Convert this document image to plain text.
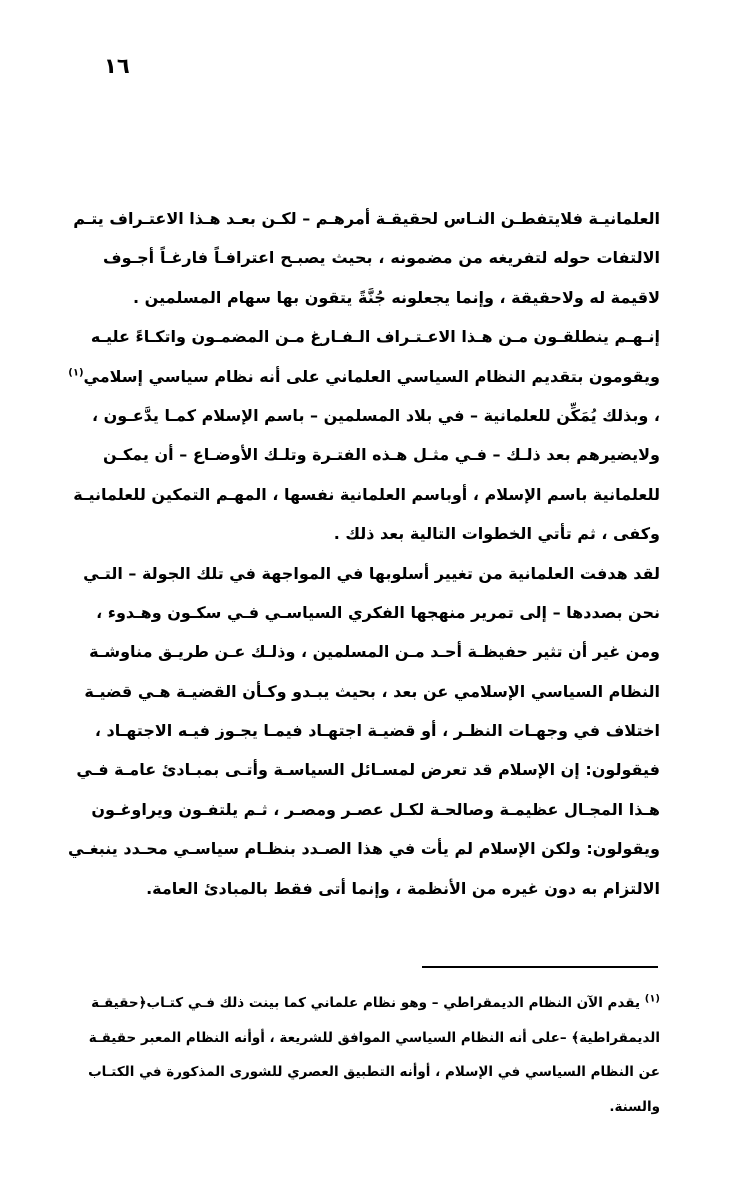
١٦
العلمانيـة فلايتفطـن النـاس لحقيقـة أمرهـم – لكـن بعـد هـذا الاعتـراف يتـم
الالتفات حوله لتفريغه من مضمونه ، بحيث يصبـح اعترافـاً فارغـاً أجـوف
لاقيمة له ولاحقيقة ، وإنما يجعلونه جُنَّةً يتقون بها سهام المسلمين .
إنـهـم ينطلقـون مـن هـذا الاعـتـراف الـفـارغ مـن المضمـون واتكـاءً عليـه
ويقومون بتقديم النظام السياسي العلماني على أنه نظام سياسي إسلامي$^{(١)}$
، وبذلك يُمَكِّن للعلمانية – في بلاد المسلمين – باسم الإسلام كمـا يدَّعـون ،
ولايضيرهم بعد ذلـك – فـي مثـل هـذه الفتـرة وتلـك الأوضـاع – أن يمكـن
للعلمانية باسم الإسلام ، أوباسم العلمانية نفسها ، المهـم التمكين للعلمانيـة
وكفى ، ثم تأتي الخطوات التالية بعد ذلك .
لقد هدفت العلمانية من تغيير أسلوبها في المواجهة في تلك الجولة – التـي
نحن بصددها – إلى تمرير منهجها الفكري السياسـي فـي سكـون وهـدوء ،
ومن غير أن تثير حفيظـة أحـد مـن المسلمين ، وذلـك عـن طريـق مناوشـة
النظام السياسي الإسلامي عن بعد ، بحيث يبـدو وكـأن القضيـة هـي قضيـة
اختلاف في وجهـات النظـر ، أو قضيـة اجتهـاد فيمـا يجـوز فيـه الاجتهـاد ،
فيقولون: إن الإسلام قد تعرض لمسـائل السياسـة وأتـى بمبـادئ عامـة فـي
هـذا المجـال عظيمـة وصالحـة لكـل عصـر ومصـر ، ثـم يلتفـون ويراوغـون
ويقولون: ولكن الإسلام لم يأت في هذا الصـدد بنظـام سياسـي محـدد ينبغـي
الالتزام به دون غيره من الأنظمة ، وإنما أتى فقط بالمبادئ العامة.
$^{(١)}$ يقدم الآن النظام الديمقراطي – وهو نظام علماني كما بينت ذلك فـي كتـاب﴿حقيقـة
الديمقراطية﴾ –على أنه النظام السياسي الموافق للشريعة ، أوأنه النظام المعبر حقيقـة
عن النظام السياسي في الإسلام ، أوأنه التطبيق العصري للشورى المذكورة في الكتـاب
والسنة.
